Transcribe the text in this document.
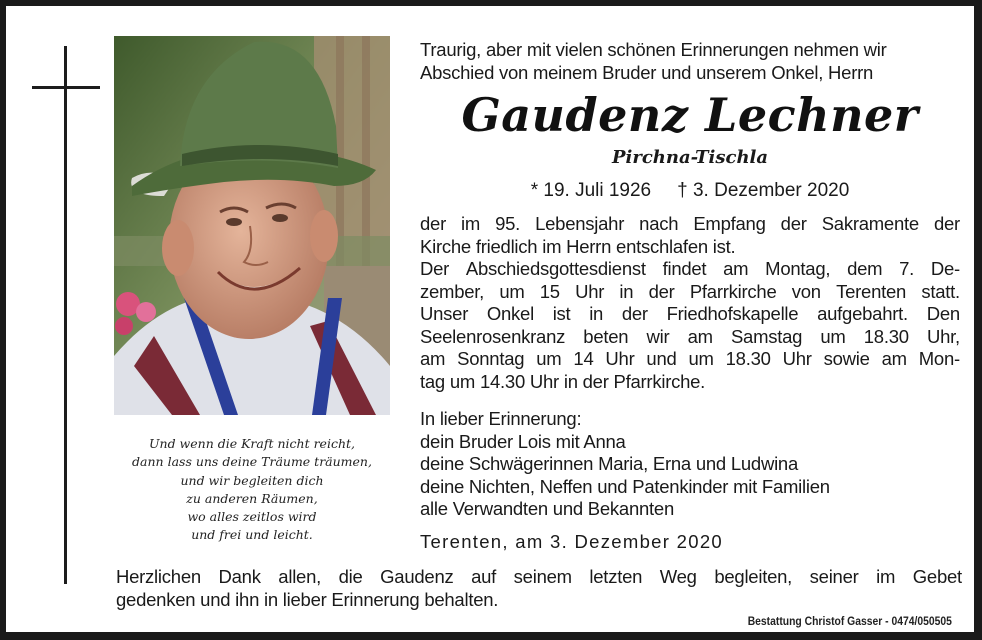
Und wenn die Kraft nicht reicht,
dann lass uns deine Träume träumen,
und wir begleiten dich
zu anderen Räumen,
wo alles zeitlos wird
und frei und leicht.
Traurig, aber mit vielen schönen Erinnerungen nehmen wir
Abschied von meinem Bruder und unserem Onkel, Herrn
Gaudenz Lechner
Pirchna-Tischla
* 19. Juli 1926 † 3. Dezember 2020
der im 95. Lebensjahr nach Empfang der Sakramente der
Kirche friedlich im Herrn entschlafen ist.
Der Abschiedsgottesdienst findet am Montag, dem 7. De-
zember, um 15 Uhr in der Pfarrkirche von Terenten statt.
Unser Onkel ist in der Friedhofskapelle aufgebahrt. Den
Seelenrosenkranz beten wir am Samstag um 18.30 Uhr,
am Sonntag um 14 Uhr und um 18.30 Uhr sowie am Mon-
tag um 14.30 Uhr in der Pfarrkirche.
In lieber Erinnerung:
dein Bruder Lois mit Anna
deine Schwägerinnen Maria, Erna und Ludwina
deine Nichten, Neffen und Patenkinder mit Familien
alle Verwandten und Bekannten
Terenten, am 3. Dezember 2020
Herzlichen Dank allen, die Gaudenz auf seinem letzten Weg begleiten, seiner im Gebet
gedenken und ihn in lieber Erinnerung behalten.
Bestattung Christof Gasser - 0474/050505
